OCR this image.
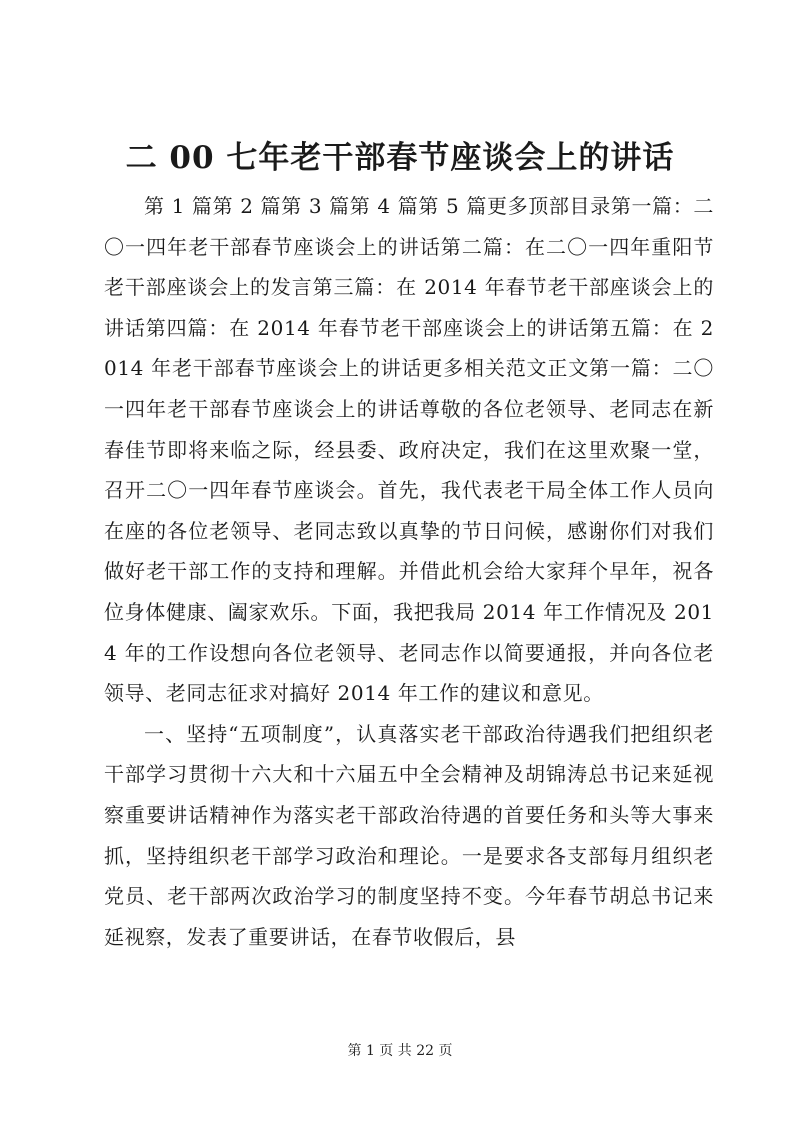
二 00 七年老干部春节座谈会上的讲话

第 1 篇第 2 篇第 3 篇第 4 篇第 5 篇更多顶部目录第一篇：二〇一四年老干部春节座谈会上的讲话第二篇：在二〇一四年重阳节老干部座谈会上的发言第三篇：在 2014 年春节老干部座谈会上的讲话第四篇：在 2014 年春节老干部座谈会上的讲话第五篇：在 2014 年老干部春节座谈会上的讲话更多相关范文正文第一篇：二〇一四年老干部春节座谈会上的讲话尊敬的各位老领导、老同志在新春佳节即将来临之际，经县委、政府决定，我们在这里欢聚一堂，召开二〇一四年春节座谈会。首先，我代表老干局全体工作人员向在座的各位老领导、老同志致以真挚的节日问候，感谢你们对我们做好老干部工作的支持和理解。并借此机会给大家拜个早年，祝各位身体健康、阖家欢乐。下面，我把我局 2014 年工作情况及 2014 年的工作设想向各位老领导、老同志作以简要通报，并向各位老领导、老同志征求对搞好 2014 年工作的建议和意见。

一、坚持“五项制度”，认真落实老干部政治待遇我们把组织老干部学习贯彻十六大和十六届五中全会精神及胡锦涛总书记来延视察重要讲话精神作为落实老干部政治待遇的首要任务和头等大事来抓，坚持组织老干部学习政治和理论。一是要求各支部每月组织老党员、老干部两次政治学习的制度坚持不变。今年春节胡总书记来延视察，发表了重要讲话，在春节收假后，县

第 1 页 共 22 页
